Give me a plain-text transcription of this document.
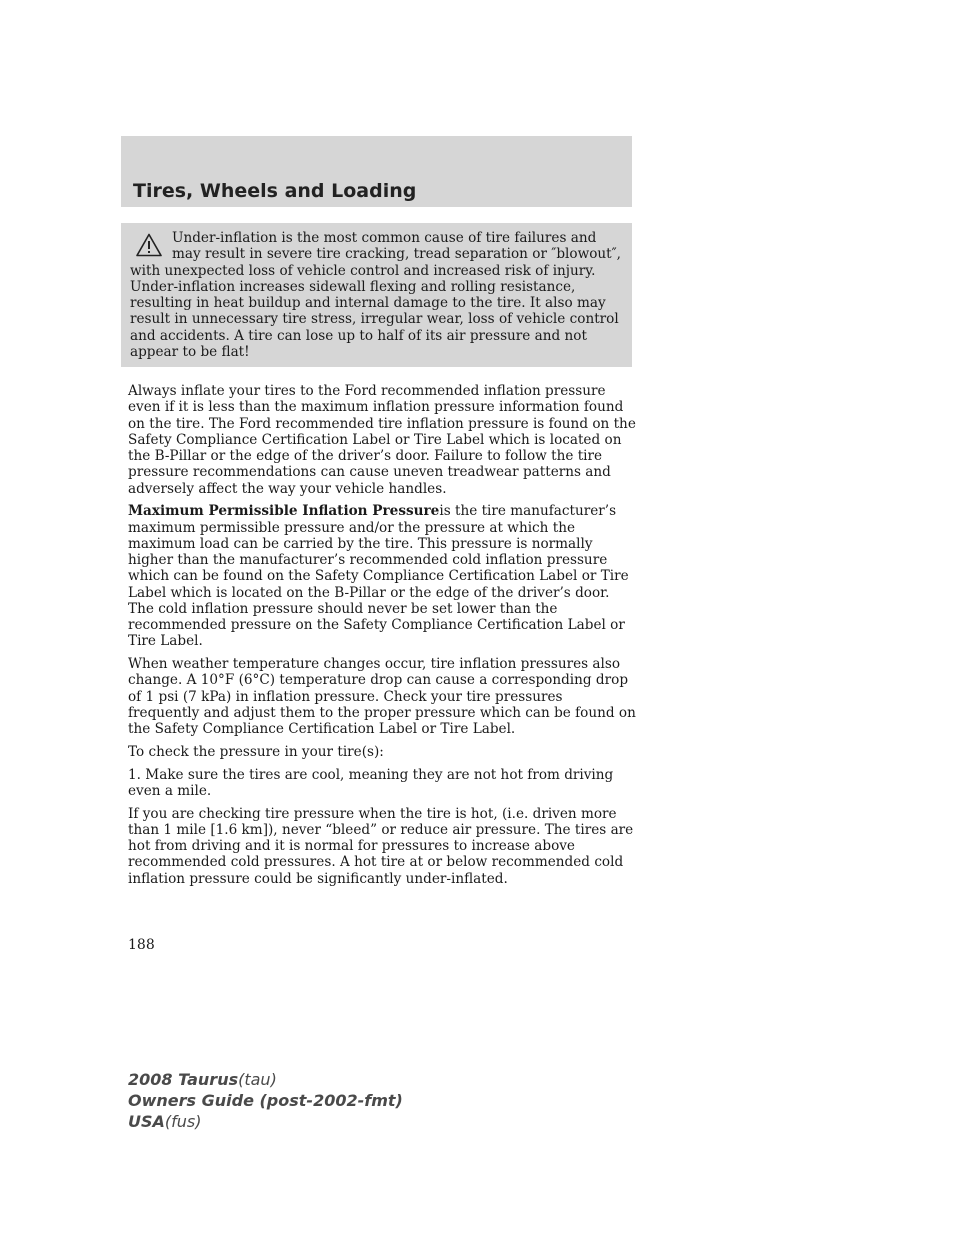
Tires, Wheels and Loading

Under-inflation is the most common cause of tire failures and may result in severe tire cracking, tread separation or ″blowout″, with unexpected loss of vehicle control and increased risk of injury. Under-inflation increases sidewall flexing and rolling resistance, resulting in heat buildup and internal damage to the tire. It also may result in unnecessary tire stress, irregular wear, loss of vehicle control and accidents. A tire can lose up to half of its air pressure and not appear to be flat!

Always inflate your tires to the Ford recommended inflation pressure even if it is less than the maximum inflation pressure information found on the tire. The Ford recommended tire inflation pressure is found on the Safety Compliance Certification Label or Tire Label which is located on the B-Pillar or the edge of the driver’s door. Failure to follow the tire pressure recommendations can cause uneven treadwear patterns and adversely affect the way your vehicle handles.

Maximum Permissible Inflation Pressureis the tire manufacturer’s maximum permissible pressure and/or the pressure at which the maximum load can be carried by the tire. This pressure is normally higher than the manufacturer’s recommended cold inflation pressure which can be found on the Safety Compliance Certification Label or Tire Label which is located on the B-Pillar or the edge of the driver’s door. The cold inflation pressure should never be set lower than the recommended pressure on the Safety Compliance Certification Label or Tire Label.

When weather temperature changes occur, tire inflation pressures also change. A 10°F (6°C) temperature drop can cause a corresponding drop of 1 psi (7 kPa) in inflation pressure. Check your tire pressures frequently and adjust them to the proper pressure which can be found on the Safety Compliance Certification Label or Tire Label.

To check the pressure in your tire(s):

1. Make sure the tires are cool, meaning they are not hot from driving even a mile.

If you are checking tire pressure when the tire is hot, (i.e. driven more than 1 mile [1.6 km]), never “bleed” or reduce air pressure. The tires are hot from driving and it is normal for pressures to increase above recommended cold pressures. A hot tire at or below recommended cold inflation pressure could be significantly under-inflated.

188
2008 Taurus(tau)
Owners Guide (post-2002-fmt)
USA(fus)
